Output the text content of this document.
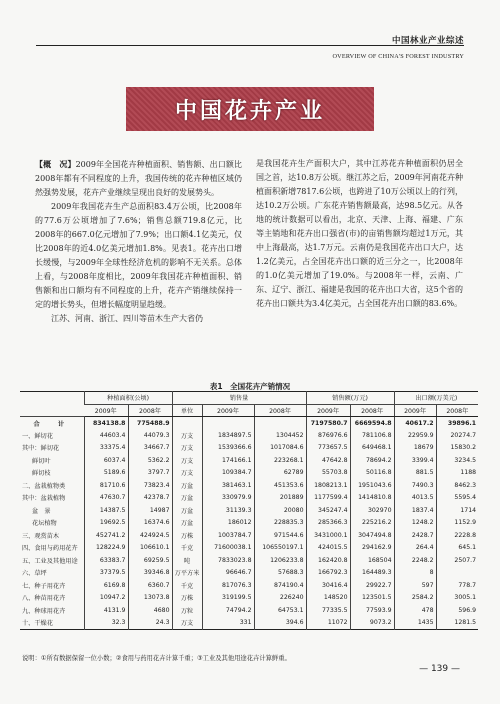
中国林业产业综述
OVERVIEW OF CHINA'S FOREST INDUSTRY
中国花卉产业

【概　况】2009年全国花卉种植面积、销售额、出口额比2008年都有不同程度的上升，我国传统的花卉种植区域仍然强势发展，花卉产业继续呈现出良好的发展势头。

2009年我国花卉生产总面积83.4万公顷，比2008年的77.6万公顷增加了7.6%；销售总额719.8亿元，比2008年的667.0亿元增加了7.9%；出口额4.1亿美元，仅比2008年的近4.0亿美元增加1.8%。见表1。花卉出口增长缓慢，与2009年全球性经济危机的影响不无关系。总体上看，与2008年度相比，2009年我国花卉种植面积、销售额和出口额均有不同程度的上升，花卉产销继续保持一定的增长势头，但增长幅度明显趋缓。

江苏、河南、浙江、四川等苗木生产大省仍

是我国花卉生产面积大户，其中江苏花卉种植面积仍居全国之首，达10.8万公顷。继江苏之后，2009年河南花卉种植面积新增7817.6公顷，也跨进了10万公顷以上的行列，达10.2万公顷。广东花卉销售额最高，达98.5亿元。从各地的统计数据可以看出，北京、天津、上海、福建、广东等主销地和花卉出口强省(市)的亩销售额均超过1万元，其中上海最高，达1.7万元。云南仍是我国花卉出口大户，达1.2亿美元，占全国花卉出口额的近三分之一，比2008年的1.0亿美元增加了19.0%。与2008年一样，云南、广东、辽宁、浙江、福建是我国的花卉出口大省，这5个省的花卉出口额共为3.4亿美元，占全国花卉出口额的83.6%。

表1　全国花卉产销情况
	种植面积(公顷)		销售量			销售额(万元)		出口额(万美元)	
	2009年	2008年	单位	2009年	2008年	2009年	2008年	2009年	2008年
合　计	834138.8	775488.9				7197580.7	6669594.8	40617.2	39896.1
一、鲜切花	44603.4	44079.3	万支	1834897.5	1304452	876976.6	781106.8	22959.9	20274.7
其中：鲜切花	33375.4	34667.7	万支	1539366.6	1017084.6	773657.5	649468.1	18679	15830.2
鲜切叶	6037.4	5362.2	万支	174166.1	223268.1	47642.8	78694.2	3399.4	3234.5
鲜切枝	5189.6	3797.7	万支	109384.7	62789	55703.8	50116.8	881.5	1188
二、盆栽植物类	81710.6	73823.4	万盆	381463.1	451353.6	1808213.1	1951043.6	7490.3	8462.3
其中：盆栽植物	47630.7	42378.7	万盆	330979.9	201889	1177599.4	1414810.8	4013.5	5595.4
盆　景	14387.5	14987	万盆	31139.3	20080	345247.4	302970	1837.4	1714
花坛植物	19692.5	16374.6	万盆	186012	228835.3	285366.3	225216.2	1248.2	1152.9
三、观赏苗木	452741.2	424924.5	万株	1003784.7	971544.6	3431000.1	3047494.8	2428.7	2228.8
四、食用与药用花卉	128224.9	106610.1	千克	71600038.1	106550197.1	424015.5	294162.9	264.4	645.1
五、工业及其他用途	63383.7	69259.5	吨	7833023.8	1206233.8	162420.8	168504	2248.2	2507.7
六、草坪	37379.5	39346.8	万平方米	96646.7	57688.3	166792.3	164489.3	8	
七、种子用花卉	6169.8	6360.7	千克	817076.3	874190.4	30416.4	29922.7	597	778.7
八、种苗用花卉	10947.2	13073.8	万株	319199.5	226240	148520	123501.5	2584.2	3005.1
九、种球用花卉	4131.9	4680	万粒	74794.2	64753.1	77335.5	77593.9	478	596.9
十、干燥花	32.3	24.3	万支	331	394.6	11072	9073.2	1435	1281.5
说明：①所有数据保留一位小数；②食用与药用花卉计算千重；③工业及其他用途花卉计算鲜重。
— 139 —
